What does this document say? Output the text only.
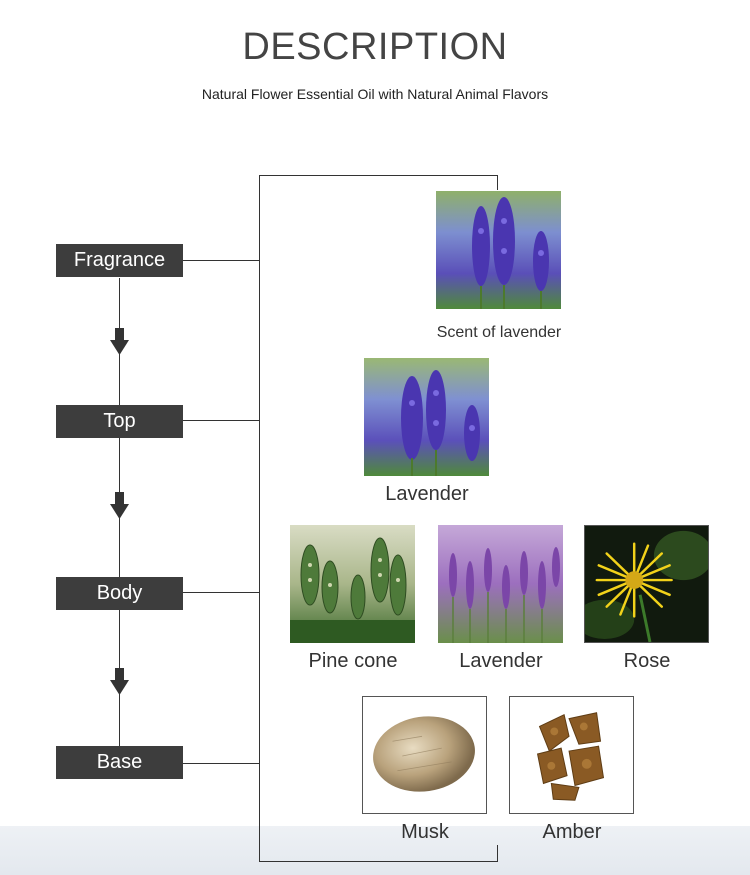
DESCRIPTION
Natural Flower Essential Oil with Natural Animal Flavors
Fragrance
Top
Body
Base
Scent of lavender
Lavender
Pine cone	Lavender	Rose
Musk	Amber
